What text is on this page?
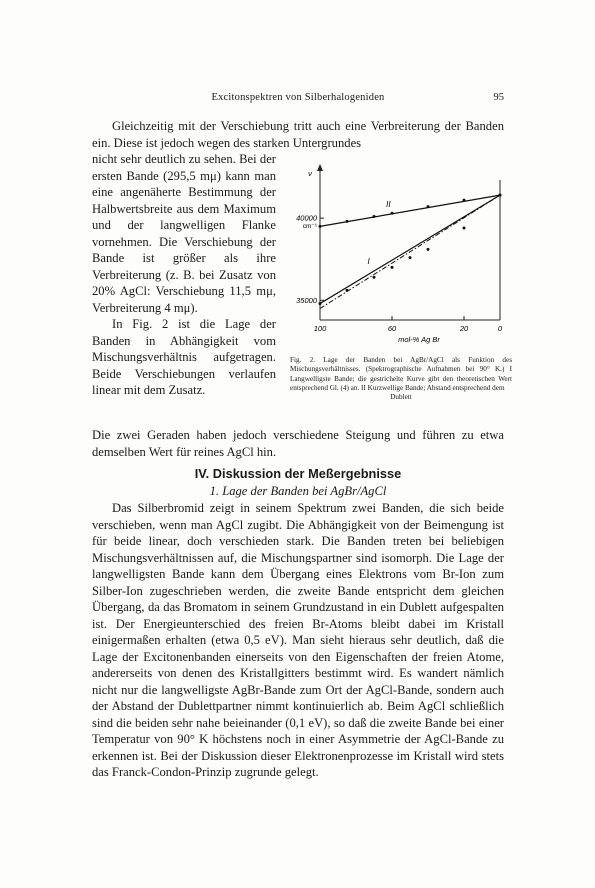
Excitonspektren von Silberhalogeniden	95

Gleichzeitig mit der Verschiebung tritt auch eine Verbreiterung der Banden ein. Diese ist jedoch wegen des starken Untergrundes

nicht sehr deutlich zu sehen. Bei der ersten Bande (295,5 mμ) kann man eine angenäherte Bestimmung der Halbwertsbreite aus dem Maximum und der langwelligen Flanke vornehmen. Die Verschiebung der Bande ist größer als ihre Verbreiterung (z. B. bei Zusatz von 20% AgCl: Verschiebung 11,5 mμ, Verbreiterung 4 mμ).

In Fig. 2 ist die Lage der Banden in Abhängigkeit vom Mischungsverhältnis aufgetragen. Beide Verschiebungen verlaufen linear mit dem Zusatz.

100	60	20	0
40000
35000
ν
cm⁻¹
mol-% Ag Br
II
I
Fig. 2. Lage der Banden bei AgBr/AgCl als Funktion des Mischungsverhältnisses. (Spektrographische Aufnahmen bei 90° K.) I Langwelligste Bande; die gestrichelte Kurve gibt den theoretischen Wert entsprechend Gl. (4) an. II Kurzwellige Bande; Abstand entsprechend dem
Dublett

Die zwei Geraden haben jedoch verschiedene Steigung und führen zu etwa demselben Wert für reines AgCl hin.

IV. Diskussion der Meßergebnisse
1. Lage der Banden bei AgBr/AgCl

Das Silberbromid zeigt in seinem Spektrum zwei Banden, die sich beide verschieben, wenn man AgCl zugibt. Die Abhängigkeit von der Beimengung ist für beide linear, doch verschieden stark. Die Banden treten bei beliebigen Mischungsverhältnissen auf, die Mischungspartner sind isomorph. Die Lage der langwelligsten Bande kann dem Übergang eines Elektrons vom Br-Ion zum Silber-Ion zugeschrieben werden, die zweite Bande entspricht dem gleichen Übergang, da das Bromatom in seinem Grundzustand in ein Dublett aufgespalten ist. Der Energieunterschied des freien Br-Atoms bleibt dabei im Kristall einigermaßen erhalten (etwa 0,5 eV). Man sieht hieraus sehr deutlich, daß die Lage der Excitonenbanden einerseits von den Eigenschaften der freien Atome, andererseits von denen des Kristallgitters bestimmt wird. Es wandert nämlich nicht nur die langwelligste AgBr-Bande zum Ort der AgCl-Bande, sondern auch der Abstand der Dublettpartner nimmt kontinuierlich ab. Beim AgCl schließlich sind die beiden sehr nahe beieinander (0,1 eV), so daß die zweite Bande bei einer Temperatur von 90° K höchstens noch in einer Asymmetrie der AgCl-Bande zu erkennen ist. Bei der Diskussion dieser Elektronenprozesse im Kristall wird stets das Franck-Condon-Prinzip zugrunde gelegt.
